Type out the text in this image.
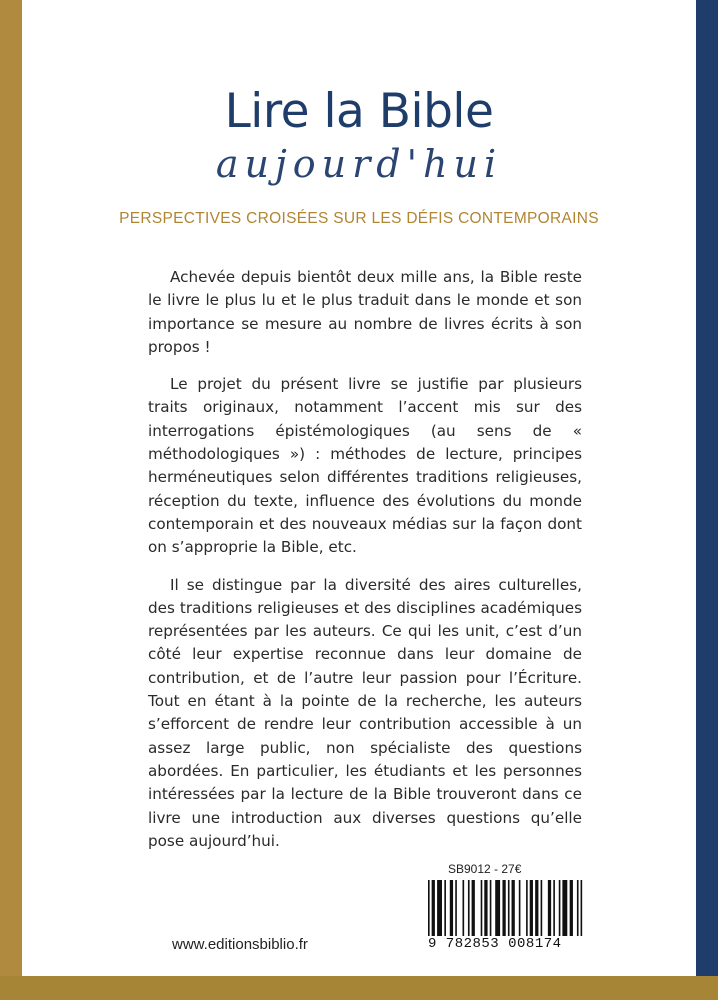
Lire la Bible
aujourd'hui
PERSPECTIVES CROISÉES SUR LES DÉFIS CONTEMPORAINS

Achevée depuis bientôt deux mille ans, la Bible reste le livre le plus lu et le plus traduit dans le monde et son importance se mesure au nombre de livres écrits à son propos !

Le projet du présent livre se justifie par plusieurs traits originaux, notamment l’accent mis sur des interrogations épistémologiques (au sens de « méthodologiques ») : méthodes de lecture, principes herméneutiques selon différentes traditions religieuses, réception du texte, influence des évolutions du monde contemporain et des nouveaux médias sur la façon dont on s’approprie la Bible, etc.

Il se distingue par la diversité des aires culturelles, des traditions religieuses et des disciplines académiques représentées par les auteurs. Ce qui les unit, c’est d’un côté leur expertise reconnue dans leur domaine de contribution, et de l’autre leur passion pour l’Écriture. Tout en étant à la pointe de la recherche, les auteurs s’efforcent de rendre leur contribution accessible à un assez large public, non spécialiste des questions abordées. En particulier, les étudiants et les personnes intéressées par la lecture de la Bible trouveront dans ce livre une introduction aux diverses questions qu’elle pose aujourd’hui.

www.editionsbiblio.fr
SB9012 - 27€
9 782853 008174
